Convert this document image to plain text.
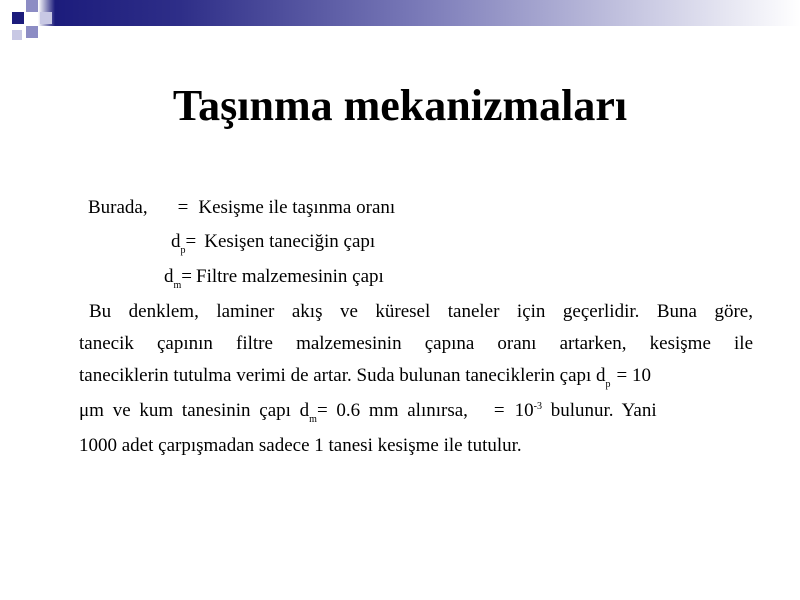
Taşınma mekanizmaları
Burada, = Kesişme ile taşınma oranı
$d_p=$ Kesişen taneciğin çapı
$d_m=$ Filtre malzemesinin çapı
Bu denklem, laminer akış ve küresel taneler için geçerlidir. Buna göre,
tanecik çapının filtre malzemesinin çapına oranı artarken, kesişme ile
taneciklerin tutulma verimi de artar. Suda bulunan taneciklerin çapı $d_p = 10$
μm ve kum tanesinin çapı $d_m= 0.6$ mm alınırsa, = $10^{-3}$ bulunur. Yani
1000 adet çarpışmadan sadece 1 tanesi kesişme ile tutulur.
